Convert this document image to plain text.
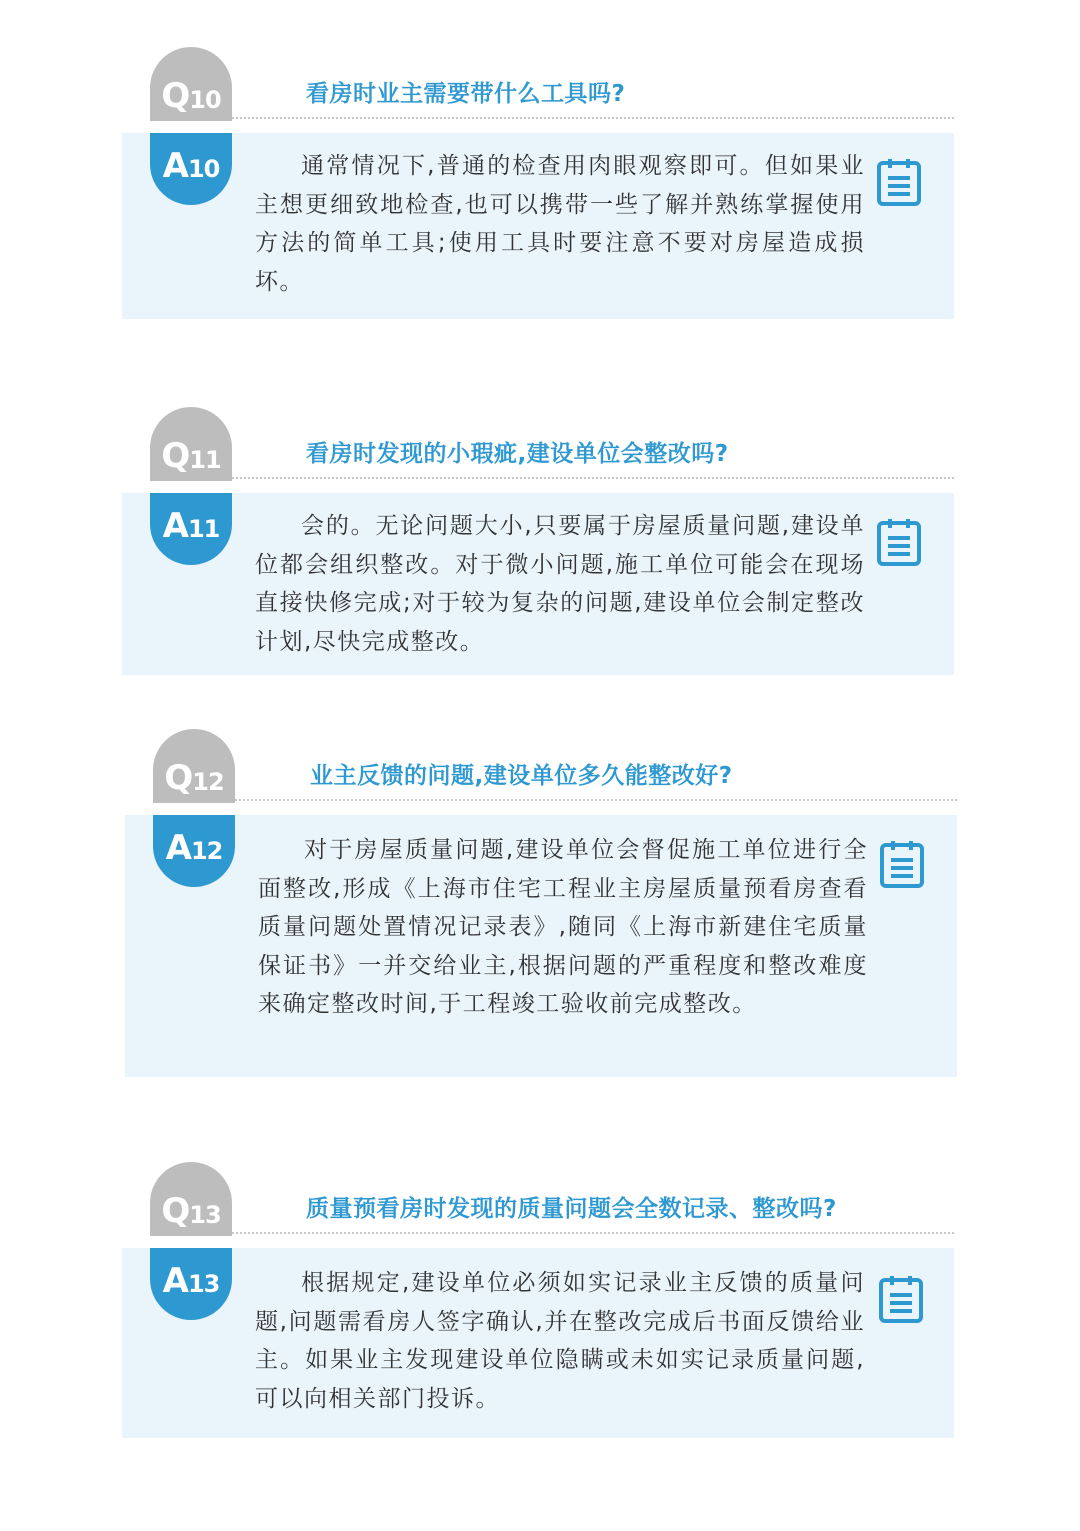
Q 10	看房时业主需要带什么工具吗?
A 10	通常情况下,普通的检查用肉眼观察即可。但如果业主想更细致地检查,也可以携带一些了解并熟练掌握使用方法的简单工具;使用工具时要注意不要对房屋造成损坏。

Q 11	看房时发现的小瑕疵,建设单位会整改吗?
A 11	会的。无论问题大小,只要属于房屋质量问题,建设单位都会组织整改。对于微小问题,施工单位可能会在现场直接快修完成;对于较为复杂的问题,建设单位会制定整改计划,尽快完成整改。

Q 12	业主反馈的问题,建设单位多久能整改好?
A 12	对于房屋质量问题,建设单位会督促施工单位进行全面整改,形成《上海市住宅工程业主房屋质量预看房查看质量问题处置情况记录表》,随同《上海市新建住宅质量保证书》一并交给业主,根据问题的严重程度和整改难度来确定整改时间,于工程竣工验收前完成整改。

Q 13	质量预看房时发现的质量问题会全数记录、整改吗?
A 13	根据规定,建设单位必须如实记录业主反馈的质量问题,问题需看房人签字确认,并在整改完成后书面反馈给业主。如果业主发现建设单位隐瞒或未如实记录质量问题,可以向相关部门投诉。
